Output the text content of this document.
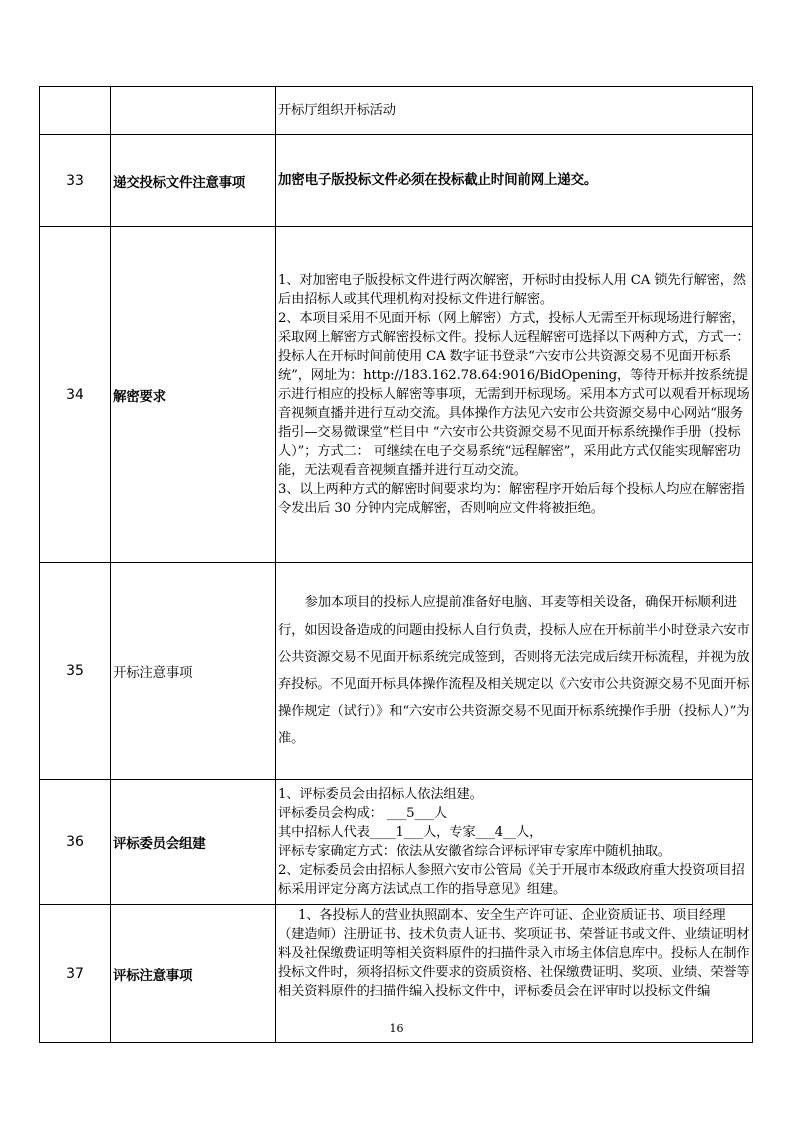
		开标厅组织开标活动

33	递交投标文件注意事项	加密电子版投标文件必须在投标截止时间前网上递交。

34	解密要求	1、对加密电子版投标文件进行两次解密，开标时由投标人用 CA 锁先行解密，然后由招标人或其代理机构对投标文件进行解密。

2、本项目采用不见面开标（网上解密）方式，投标人无需至开标现场进行解密，采取网上解密方式解密投标文件。投标人远程解密可选择以下两种方式，方式一：投标人在开标时间前使用 CA 数字证书登录“六安市公共资源交易不见面开标系统”，网址为：http://183.162.78.64:9016/BidOpening，等待开标并按系统提示进行相应的投标人解密等事项，无需到开标现场。采用本方式可以观看开标现场音视频直播并进行互动交流。具体操作方法见六安市公共资源交易中心网站“服务指引—交易微课堂”栏目中 “六安市公共资源交易不见面开标系统操作手册（投标人）”；方式二： 可继续在电子交易系统“远程解密”，采用此方式仅能实现解密功能，无法观看音视频直播并进行互动交流。

3、以上两种方式的解密时间要求均为：解密程序开始后每个投标人均应在解密指令发出后 30 分钟内完成解密，否则响应文件将被拒绝。

35	开标注意事项	参加本项目的投标人应提前准备好电脑、耳麦等相关设备，确保开标顺利进行，如因设备造成的问题由投标人自行负责，投标人应在开标前半小时登录六安市公共资源交易不见面开标系统完成签到，否则将无法完成后续开标流程，并视为放弃投标。不见面开标具体操作流程及相关规定以《六安市公共资源交易不见面开标操作规定（试行）》和“六安市公共资源交易不见面开标系统操作手册（投标人）”为准。

36	评标委员会组建	1、评标委员会由招标人依法组建。

评标委员会构成： ___5___人

其中招标人代表____1___人，专家___4__人，

评标专家确定方式：依法从安徽省综合评标评审专家库中随机抽取。

2、定标委员会由招标人参照六安市公管局《关于开展市本级政府重大投资项目招标采用评定分离方法试点工作的指导意见》组建。

37	评标注意事项	1、各投标人的营业执照副本、安全生产许可证、企业资质证书、项目经理（建造师）注册证书、技术负责人证书、奖项证书、荣誉证书或文件、业绩证明材料及社保缴费证明等相关资料原件的扫描件录入市场主体信息库中。投标人在制作投标文件时，须将招标文件要求的资质资格、社保缴费证明、奖项、业绩、荣誉等相关资料原件的扫描件编入投标文件中，评标委员会在评审时以投标文件编

16
